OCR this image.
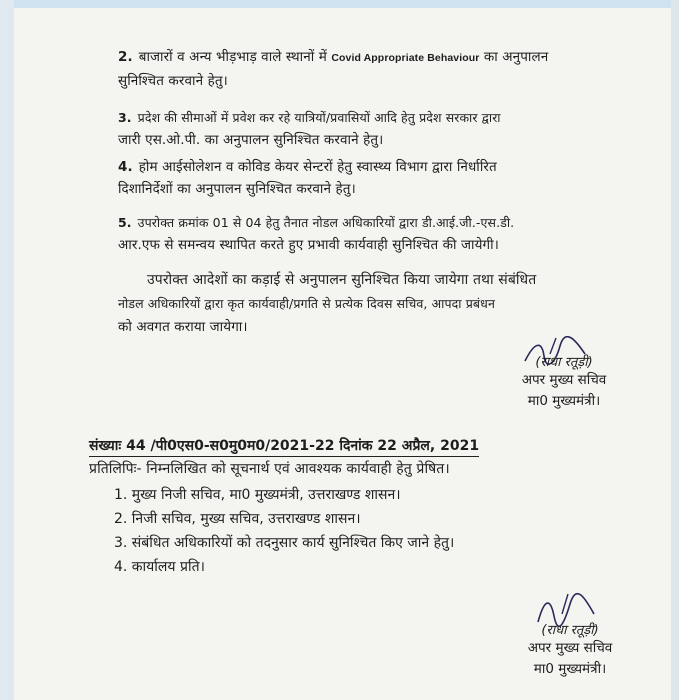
2. बाजारों व अन्य भीड़भाड़ वाले स्थानों में Covid Appropriate Behaviour का अनुपालन
सुनिश्चित करवाने हेतु।
3. प्रदेश की सीमाओं में प्रवेश कर रहे यात्रियों/प्रवासियों आदि हेतु प्रदेश सरकार द्वारा
जारी एस.ओ.पी. का अनुपालन सुनिश्चित करवाने हेतु।
4. होम आईसोलेशन व कोविड केयर सेन्टरों हेतु स्वास्थ्य विभाग द्वारा निर्धारित
दिशानिर्देशों का अनुपालन सुनिश्चित करवाने हेतु।
5. उपरोक्त क्रमांक 01 से 04 हेतु तैनात नोडल अधिकारियों द्वारा डी.आई.जी.-एस.डी.
आर.एफ से समन्वय स्थापित करते हुए प्रभावी कार्यवाही सुनिश्चित की जायेगी।
उपरोक्त आदेशों का कड़ाई से अनुपालन सुनिश्चित किया जायेगा तथा संबंधित
नोडल अधिकारियों द्वारा कृत कार्यवाही/प्रगति से प्रत्येक दिवस सचिव, आपदा प्रबंधन
को अवगत कराया जायेगा।
(राधा रतूड़ी)
अपर मुख्य सचिव
मा0 मुख्यमंत्री।
संख्याः 44 /पी0एस0-स0मु0म0/2021-22 दिनांक 22 अप्रैल, 2021
प्रतिलिपिः- निम्नलिखित को सूचनार्थ एवं आवश्यक कार्यवाही हेतु प्रेषित।
1. मुख्य निजी सचिव, मा0 मुख्यमंत्री, उत्तराखण्ड शासन।
2. निजी सचिव, मुख्य सचिव, उत्तराखण्ड शासन।
3. संबंधित अधिकारियों को तदनुसार कार्य सुनिश्चित किए जाने हेतु।
4. कार्यालय प्रति।
(राधा रतूड़ी)
अपर मुख्य सचिव
मा0 मुख्यमंत्री।
